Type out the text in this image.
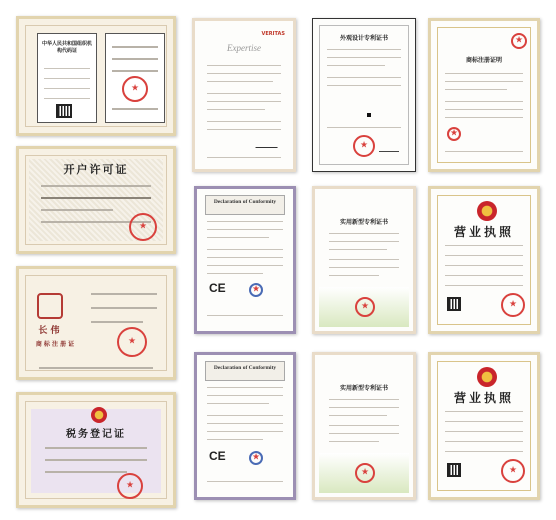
中华人民共和国组织机构代码证
★
开户许可证
★
长 伟
商 标 注 册 证
★
税务登记证
★
Expertise
VERITAS
Declaration of Conformity
CE
★
Declaration of Conformity
CE
★
外观设计专利证书
★
实用新型专利证书
★
实用新型专利证书
★
商标注册证明
★
★
营业执照
★
营业执照
★
